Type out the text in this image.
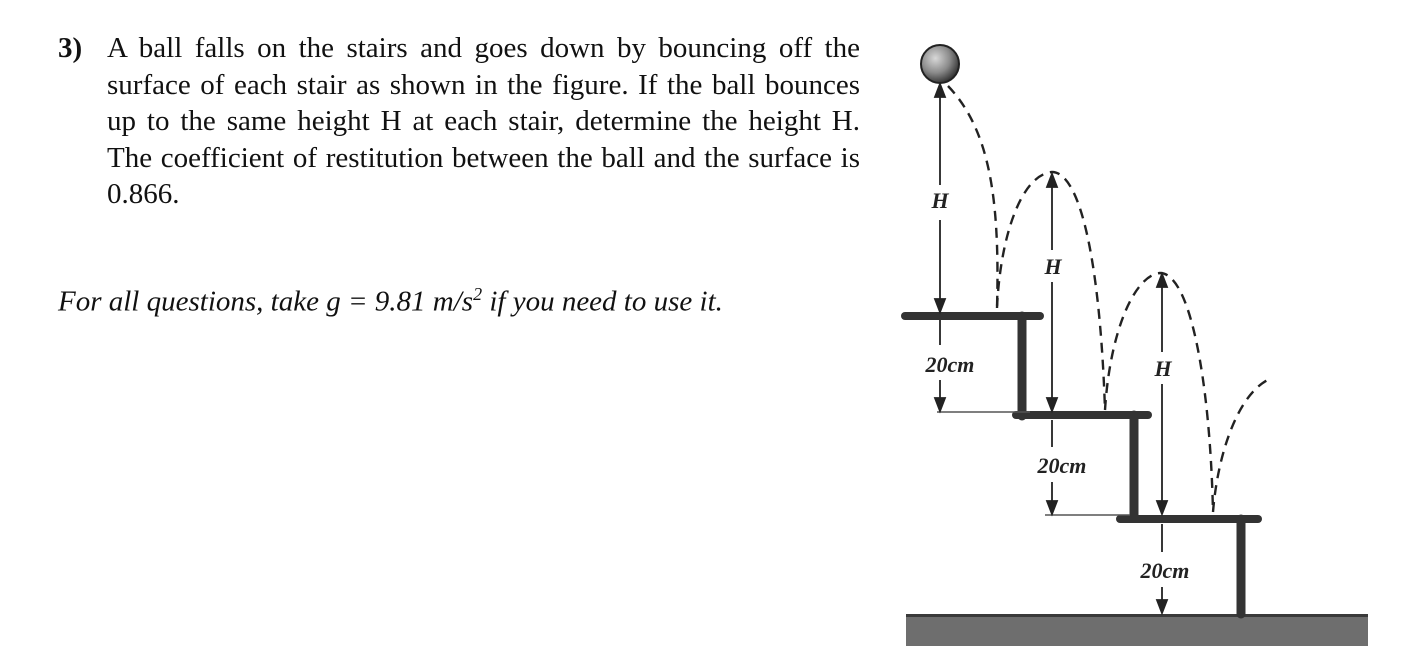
3) A ball falls on the stairs and goes down by bouncing off the surface of each stair as shown in the figure. If the ball bounces up to the same height H at each stair, determine the height H. The coefficient of restitution between the ball and the surface is 0.866.
For all questions, take g = 9.81 $m/s^2$ if you need to use it.
H
H
H
20cm
20cm
20cm
